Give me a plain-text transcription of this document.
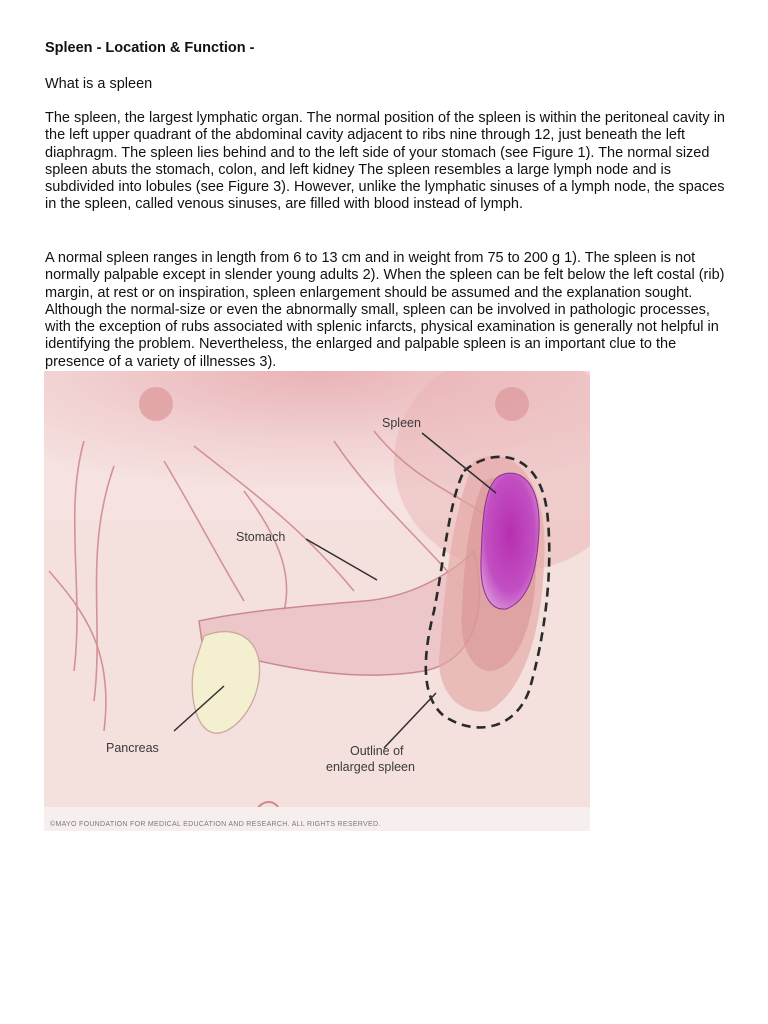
Spleen - Location & Function -

What is a spleen

The spleen, the largest lymphatic organ. The normal position of the spleen is within the peritoneal cavity in the left upper quadrant of the abdominal cavity adjacent to ribs nine through 12, just beneath the left diaphragm. The spleen lies behind and to the left side of your stomach (see Figure 1). The normal sized spleen abuts the stomach, colon, and left kidney The spleen resembles a large lymph node and is subdivided into lobules (see Figure 3). However, unlike the lymphatic sinuses of a lymph node, the spaces in the spleen, called venous sinuses, are filled with blood instead of lymph.

A normal spleen ranges in length from 6 to 13 cm and in weight from 75 to 200 g 1). The spleen is not normally palpable except in slender young adults 2). When the spleen can be felt below the left costal (rib) margin, at rest or on inspiration, spleen enlargement should be assumed and the explanation sought. Although the normal-size or even the abnormally small, spleen can be involved in pathologic processes, with the exception of rubs associated with splenic infarcts, physical examination is generally not helpful in identifying the problem. Nevertheless, the enlarged and palpable spleen is an important clue to the presence of a variety of illnesses 3).

Spleen
Stomach
Pancreas	Outline of
enlarged spleen
©MAYO FOUNDATION FOR MEDICAL EDUCATION AND RESEARCH. ALL RIGHTS RESERVED.
